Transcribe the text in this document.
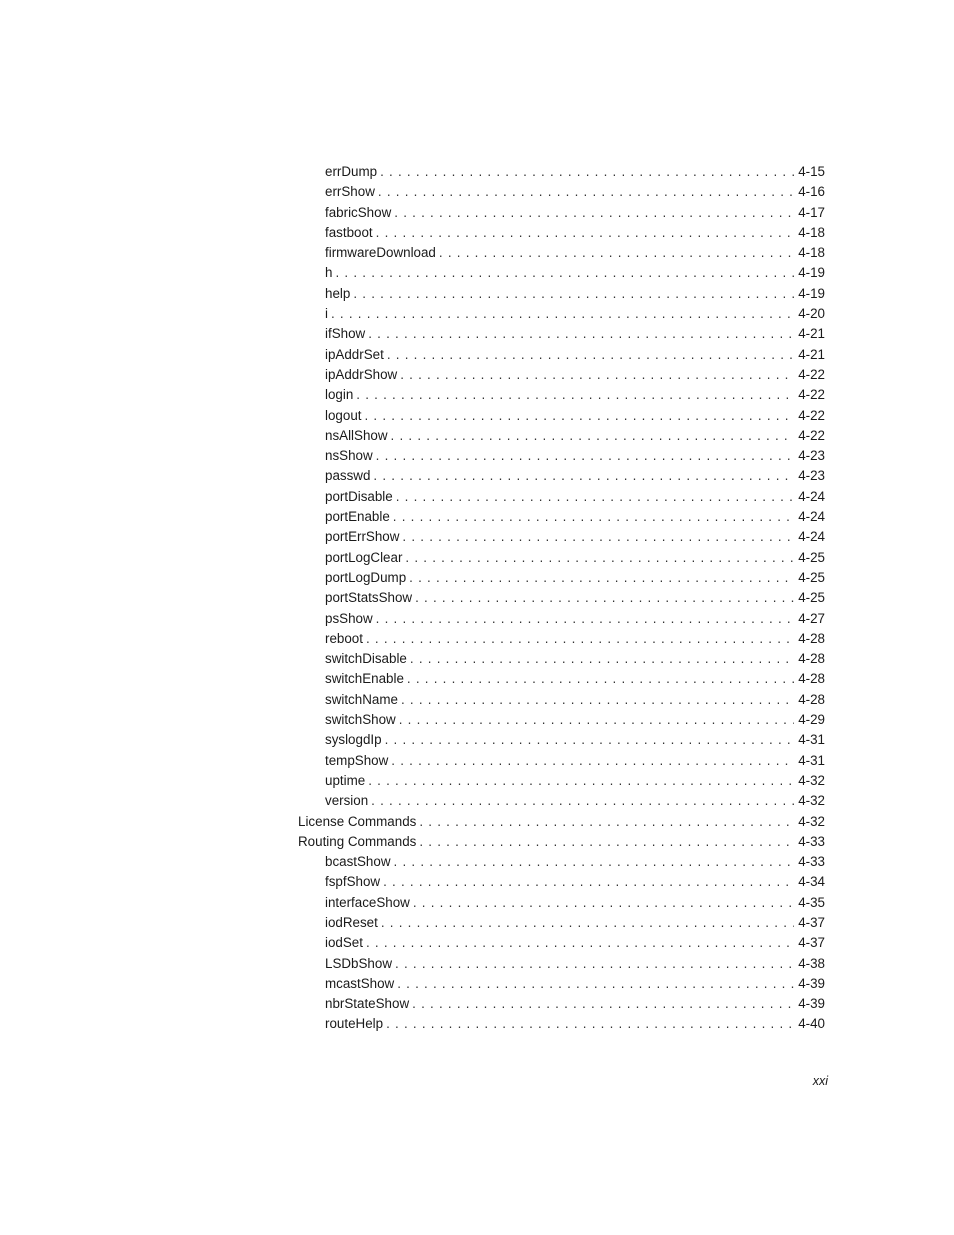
errDump . . .	4-15
errShow . . .	4-16
fabricShow . . .	4-17
fastboot . . .	4-18
firmwareDownload . . .	4-18
h . . .	4-19
help . . .	4-19
i . . .	4-20
ifShow . . .	4-21
ipAddrSet . . .	4-21
ipAddrShow . . .	4-22
login . . .	4-22
logout . . .	4-22
nsAllShow . . .	4-22
nsShow . . .	4-23
passwd . . .	4-23
portDisable . . .	4-24
portEnable . . .	4-24
portErrShow . . .	4-24
portLogClear . . .	4-25
portLogDump . . .	4-25
portStatsShow . . .	4-25
psShow . . .	4-27
reboot . . .	4-28
switchDisable . . .	4-28
switchEnable . . .	4-28
switchName . . .	4-28
switchShow . . .	4-29
syslogdIp . . .	4-31
tempShow . . .	4-31
uptime . . .	4-32
version . . .	4-32
License Commands . . .	4-32
Routing Commands . . .	4-33
bcastShow . . .	4-33
fspfShow . . .	4-34
interfaceShow . . .	4-35
iodReset . . .	4-37
iodSet . . .	4-37
LSDbShow . . .	4-38
mcastShow . . .	4-39
nbrStateShow . . .	4-39
routeHelp . . .	4-40
xxi
